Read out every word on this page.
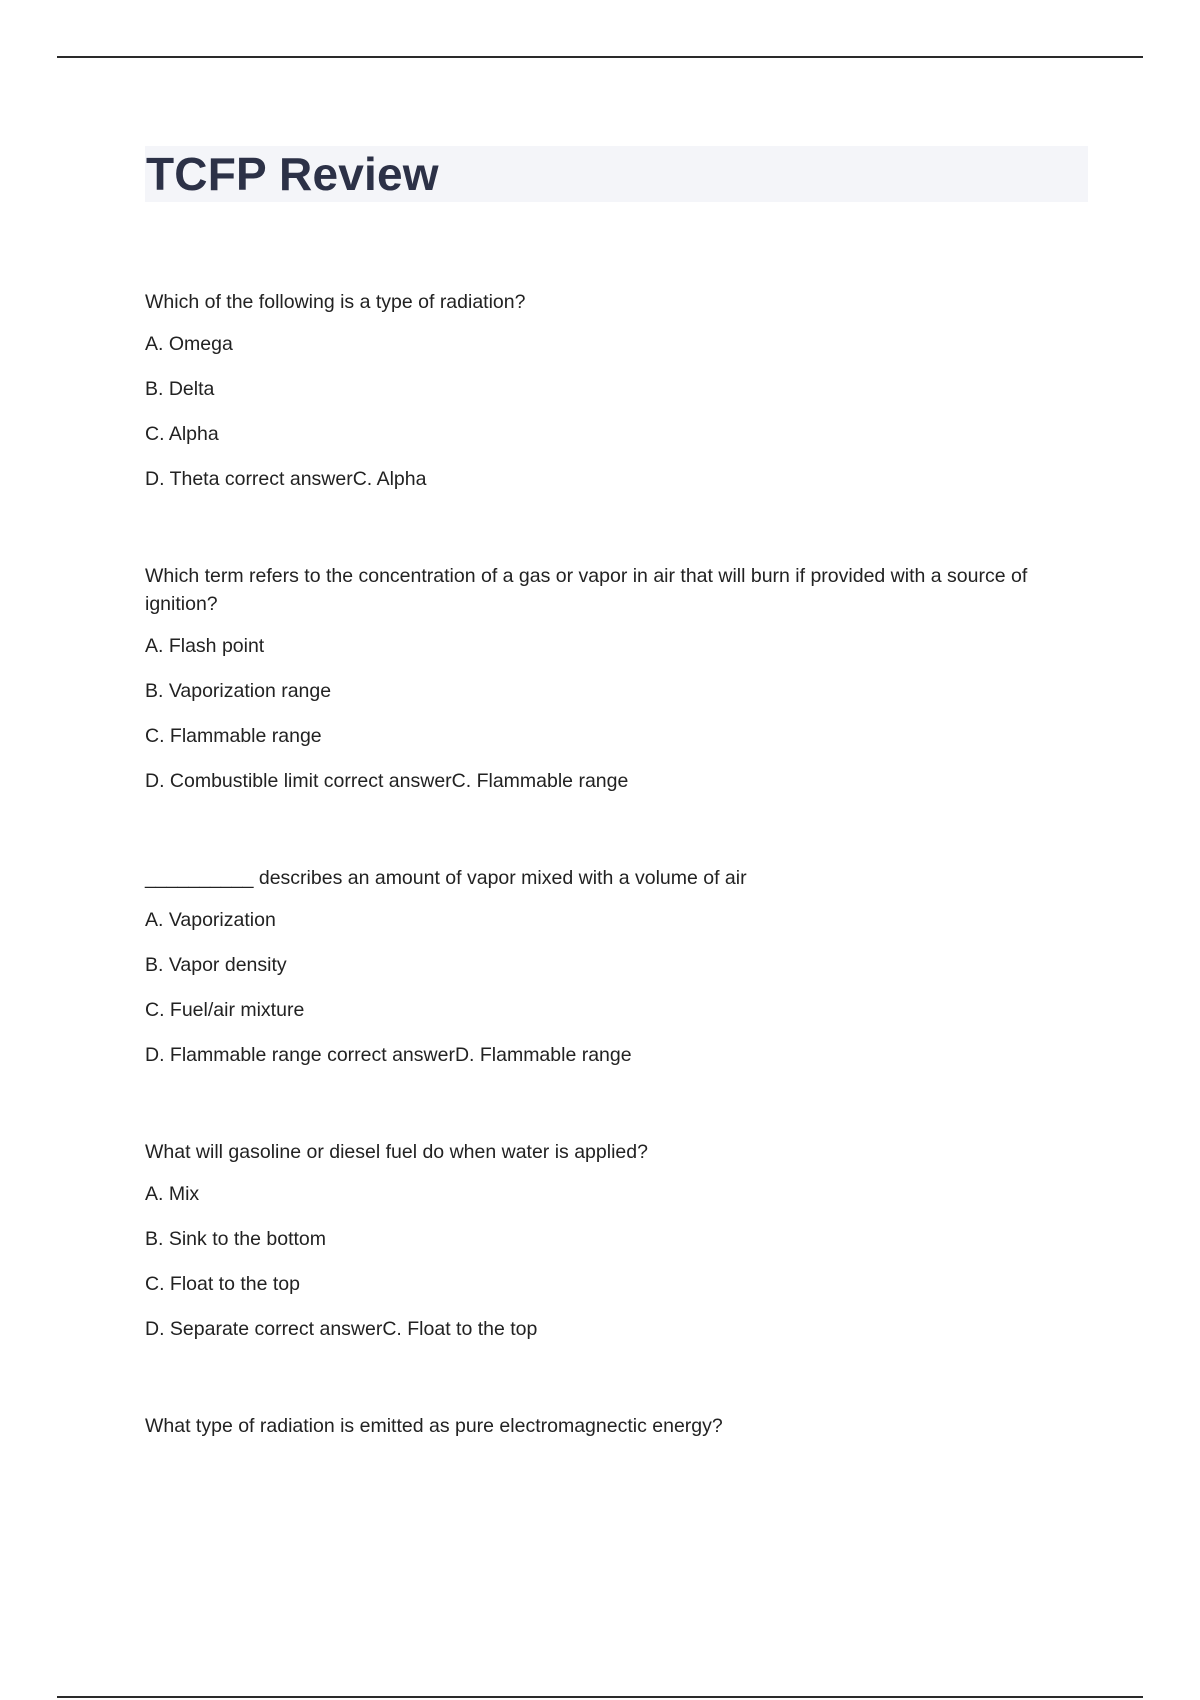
TCFP Review

Which of the following is a type of radiation?

A. Omega

B. Delta

C. Alpha

D. Theta correct answerC. Alpha

Which term refers to the concentration of a gas or vapor in air that will burn if provided with a source of ignition?

A. Flash point

B. Vaporization range

C. Flammable range

D. Combustible limit correct answerC. Flammable range

__________ describes an amount of vapor mixed with a volume of air

A. Vaporization

B. Vapor density

C. Fuel/air mixture

D. Flammable range correct answerD. Flammable range

What will gasoline or diesel fuel do when water is applied?

A. Mix

B. Sink to the bottom

C. Float to the top

D. Separate correct answerC. Float to the top

What type of radiation is emitted as pure electromagnectic energy?
